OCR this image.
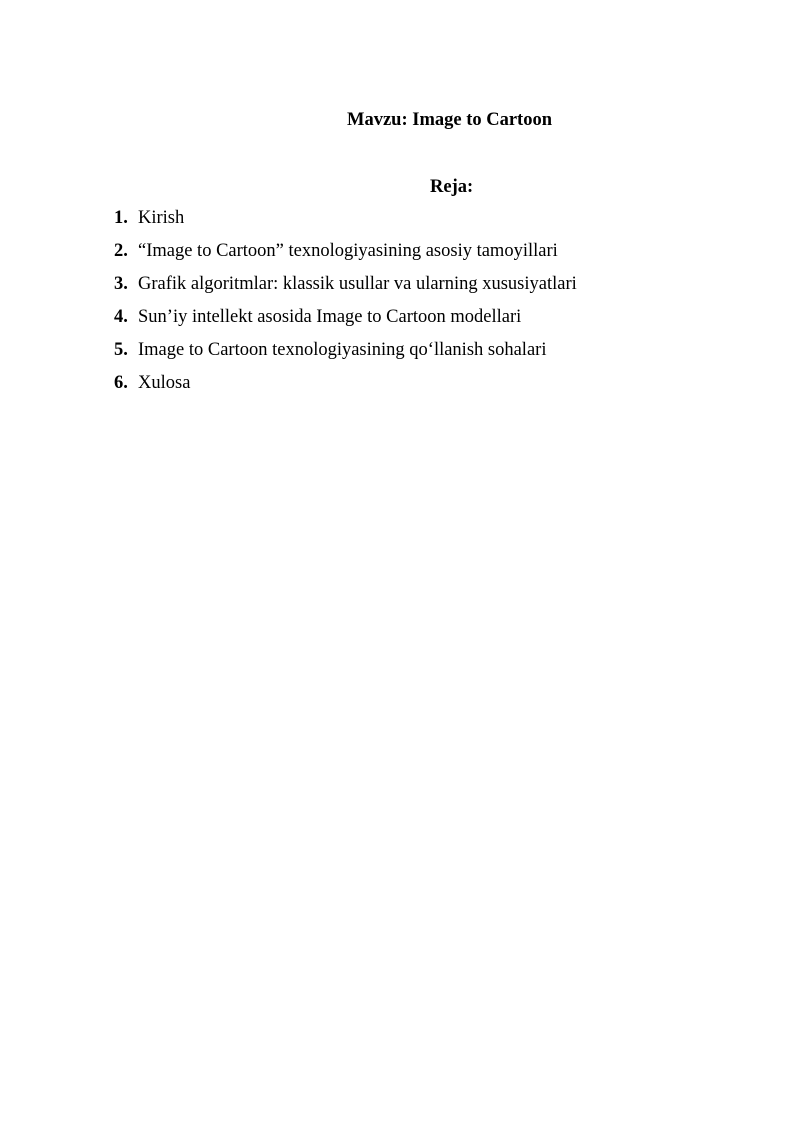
Mavzu: Image to Cartoon
Reja:
1. Kirish
2. “Image to Cartoon” texnologiyasining asosiy tamoyillari
3. Grafik algoritmlar: klassik usullar va ularning xususiyatlari
4. Sun’iy intellekt asosida Image to Cartoon modellari
5. Image to Cartoon texnologiyasining qo‘llanish sohalari
6. Xulosa
